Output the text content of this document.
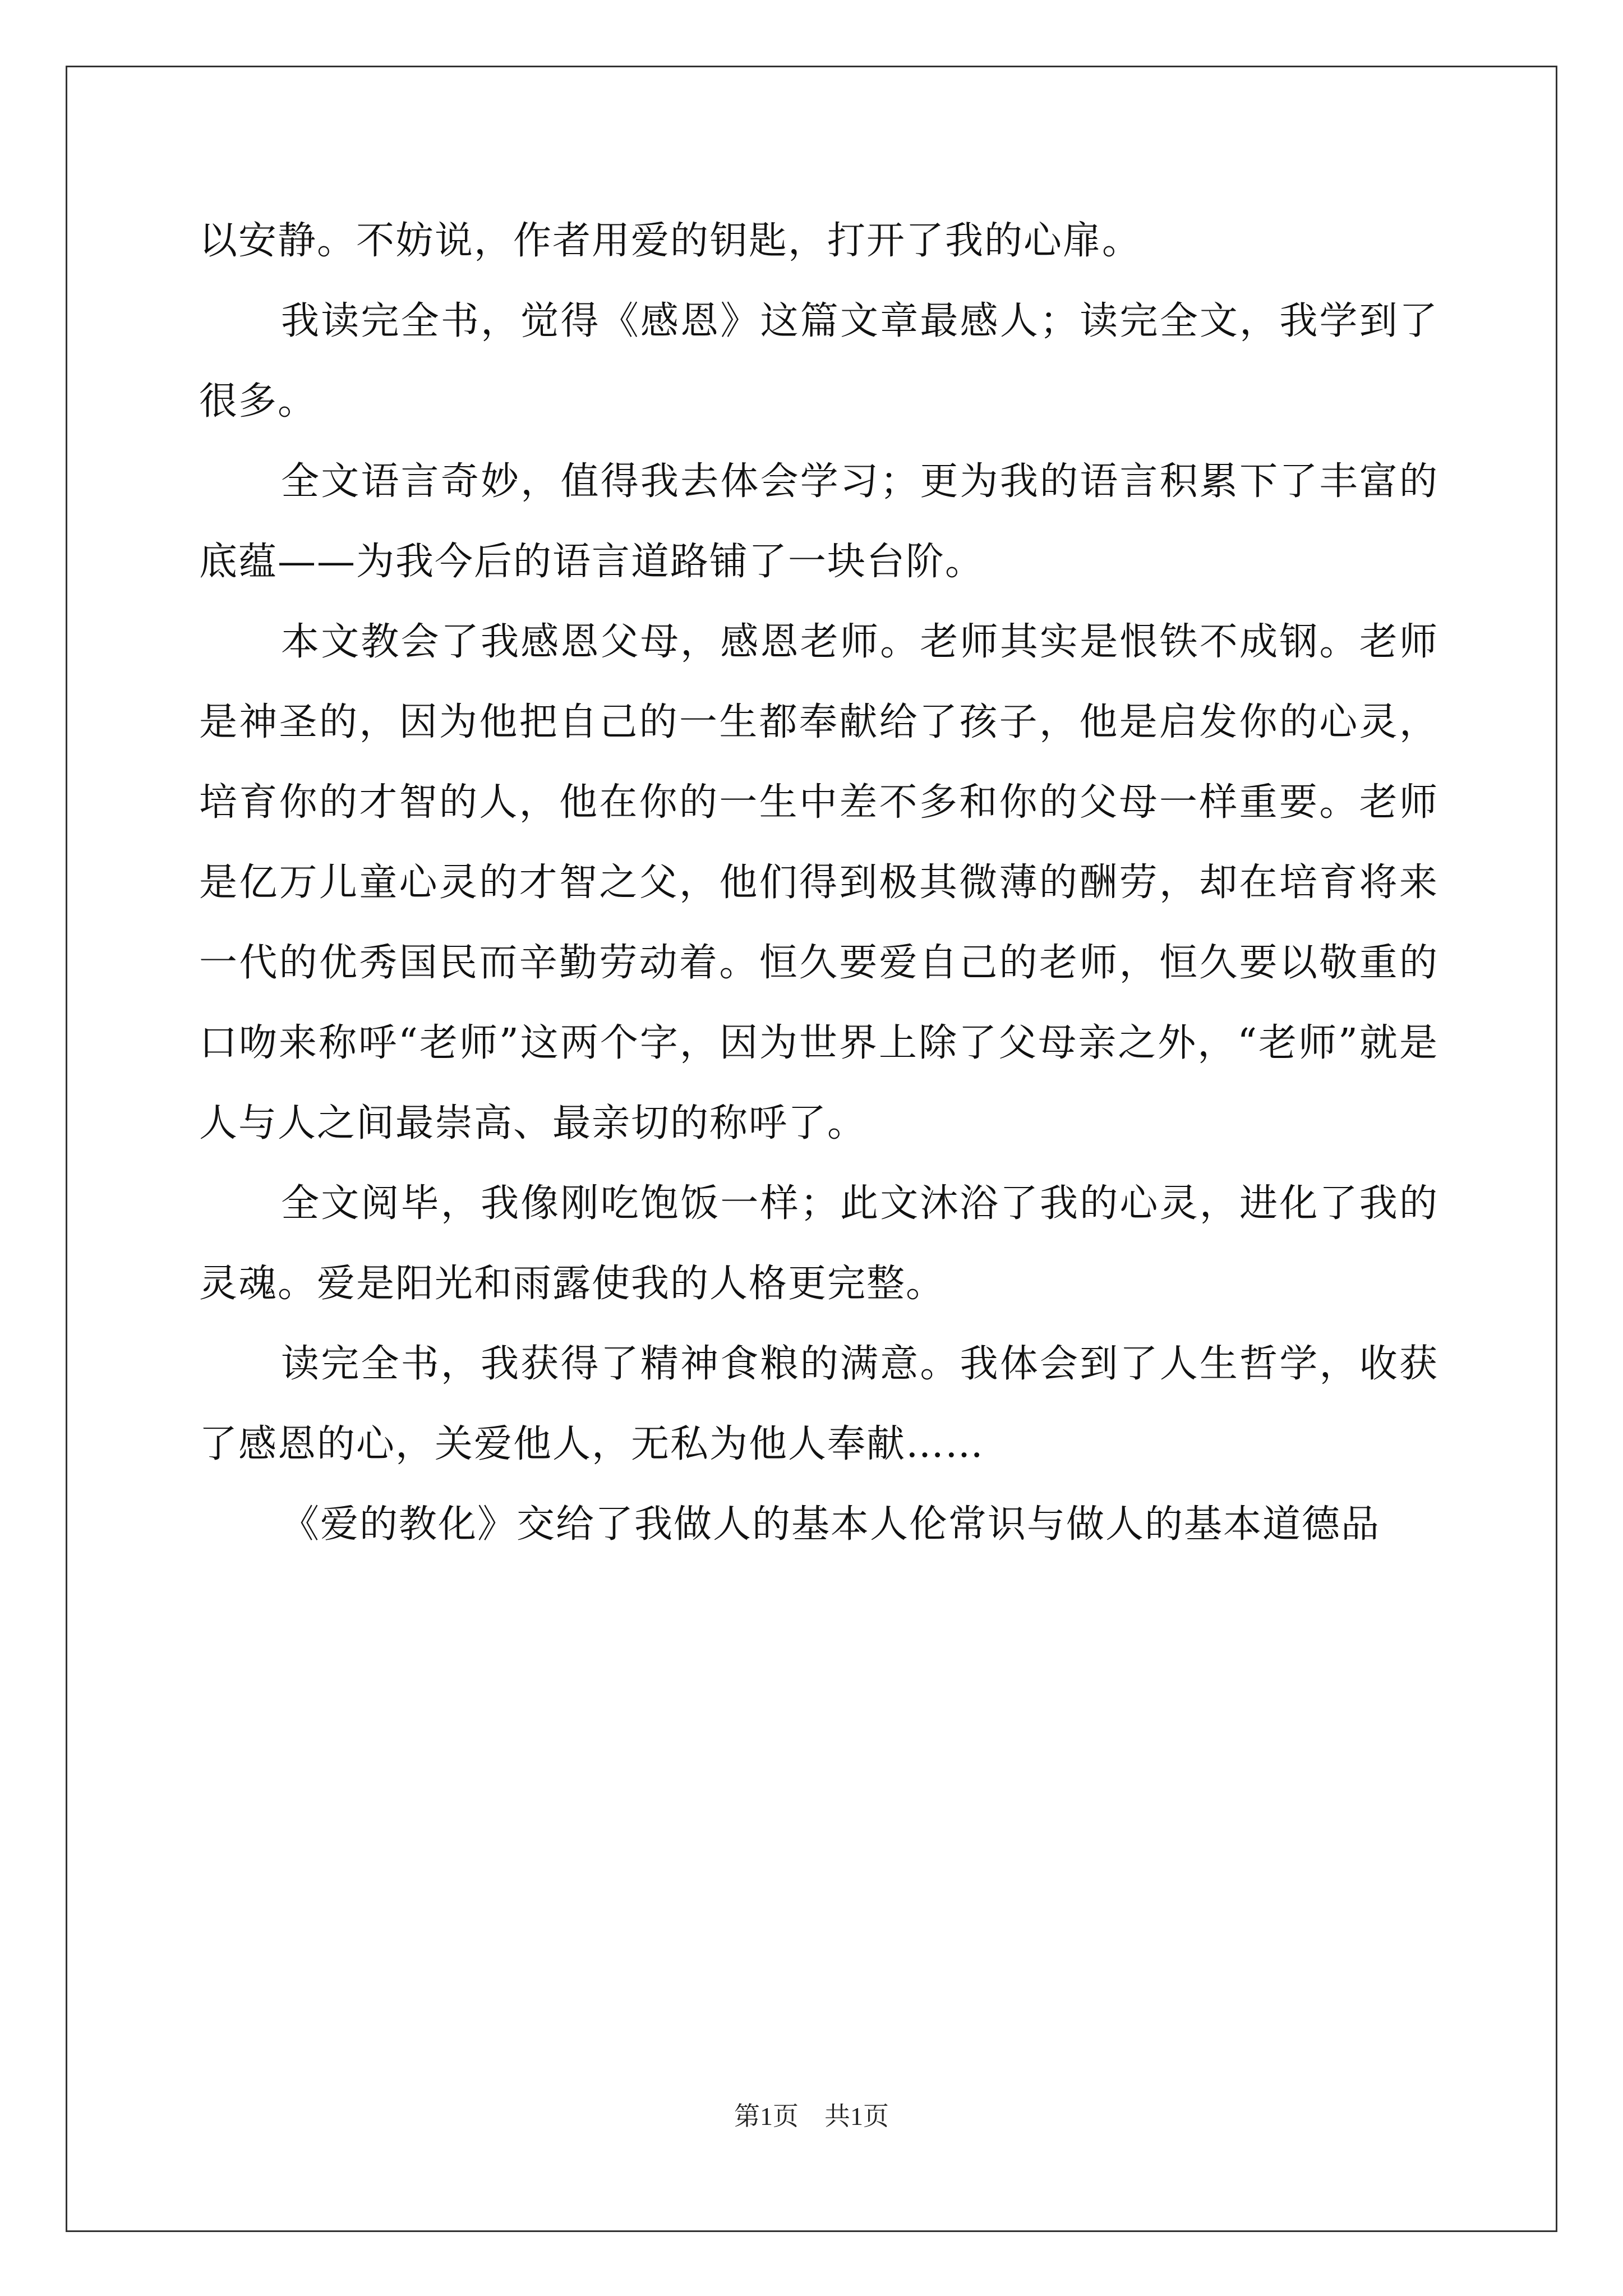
以安静。不妨说，作者用爱的钥匙，打开了我的心扉。

我读完全书，觉得《感恩》这篇文章最感人；读完全文，我学到了很多。

全文语言奇妙，值得我去体会学习；更为我的语言积累下了丰富的底蕴——为我今后的语言道路铺了一块台阶。

本文教会了我感恩父母，感恩老师。老师其实是恨铁不成钢。老师是神圣的，因为他把自己的一生都奉献给了孩子，他是启发你的心灵，培育你的才智的人，他在你的一生中差不多和你的父母一样重要。老师是亿万儿童心灵的才智之父，他们得到极其微薄的酬劳，却在培育将来一代的优秀国民而辛勤劳动着。恒久要爱自己的老师，恒久要以敬重的口吻来称呼“老师”这两个字，因为世界上除了父母亲之外，“老师”就是人与人之间最崇高、最亲切的称呼了。

全文阅毕，我像刚吃饱饭一样；此文沐浴了我的心灵，进化了我的灵魂。爱是阳光和雨露使我的人格更完整。

读完全书，我获得了精神食粮的满意。我体会到了人生哲学，收获了感恩的心，关爱他人，无私为他人奉献……

《爱的教化》交给了我做人的基本人伦常识与做人的基本道德品

第1页 共1页
